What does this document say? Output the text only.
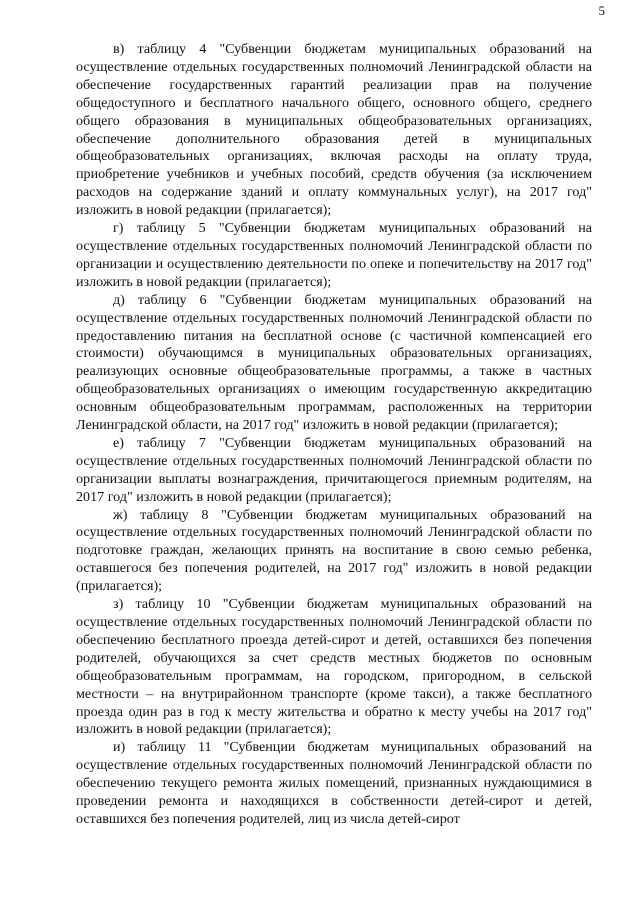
5

в) таблицу 4 "Субвенции бюджетам муниципальных образований на осуществление отдельных государственных полномочий Ленинградской области на обеспечение государственных гарантий реализации прав на получение общедоступного и бесплатного начального общего, основного общего, среднего общего образования в муниципальных общеобразовательных организациях, обеспечение дополнительного образования детей в муниципальных общеобразовательных организациях, включая расходы на оплату труда, приобретение учебников и учебных пособий, средств обучения (за исключением расходов на содержание зданий и оплату коммунальных услуг), на 2017 год" изложить в новой редакции (прилагается);

г) таблицу 5 "Субвенции бюджетам муниципальных образований на осуществление отдельных государственных полномочий Ленинградской области по организации и осуществлению деятельности по опеке и попечительству на 2017 год" изложить в новой редакции (прилагается);

д) таблицу 6 "Субвенции бюджетам муниципальных образований на осуществление отдельных государственных полномочий Ленинградской области по предоставлению питания на бесплатной основе (с частичной компенсацией его стоимости) обучающимся в муниципальных образовательных организациях, реализующих основные общеобразовательные программы, а также в частных общеобразовательных организациях о имеющим государственную аккредитацию основным общеобразовательным программам, расположенных на территории Ленинградской области, на 2017 год" изложить в новой редакции (прилагается);

е) таблицу 7 "Субвенции бюджетам муниципальных образований на осуществление отдельных государственных полномочий Ленинградской области по организации выплаты вознаграждения, причитающегося приемным родителям, на 2017 год" изложить в новой редакции (прилагается);

ж) таблицу 8 "Субвенции бюджетам муниципальных образований на осуществление отдельных государственных полномочий Ленинградской области по подготовке граждан, желающих принять на воспитание в свою семью ребенка, оставшегося без попечения родителей, на 2017 год" изложить в новой редакции (прилагается);

з) таблицу 10 "Субвенции бюджетам муниципальных образований на осуществление отдельных государственных полномочий Ленинградской области по обеспечению бесплатного проезда детей-сирот и детей, оставшихся без попечения родителей, обучающихся за счет средств местных бюджетов по основным общеобразовательным программам, на городском, пригородном, в сельской местности – на внутрирайонном транспорте (кроме такси), а также бесплатного проезда один раз в год к месту жительства и обратно к месту учебы на 2017 год" изложить в новой редакции (прилагается);

и) таблицу 11 "Субвенции бюджетам муниципальных образований на осуществление отдельных государственных полномочий Ленинградской области по обеспечению текущего ремонта жилых помещений, признанных нуждающимися в проведении ремонта и находящихся в собственности детей-сирот и детей, оставшихся без попечения родителей, лиц из числа детей-сирот
